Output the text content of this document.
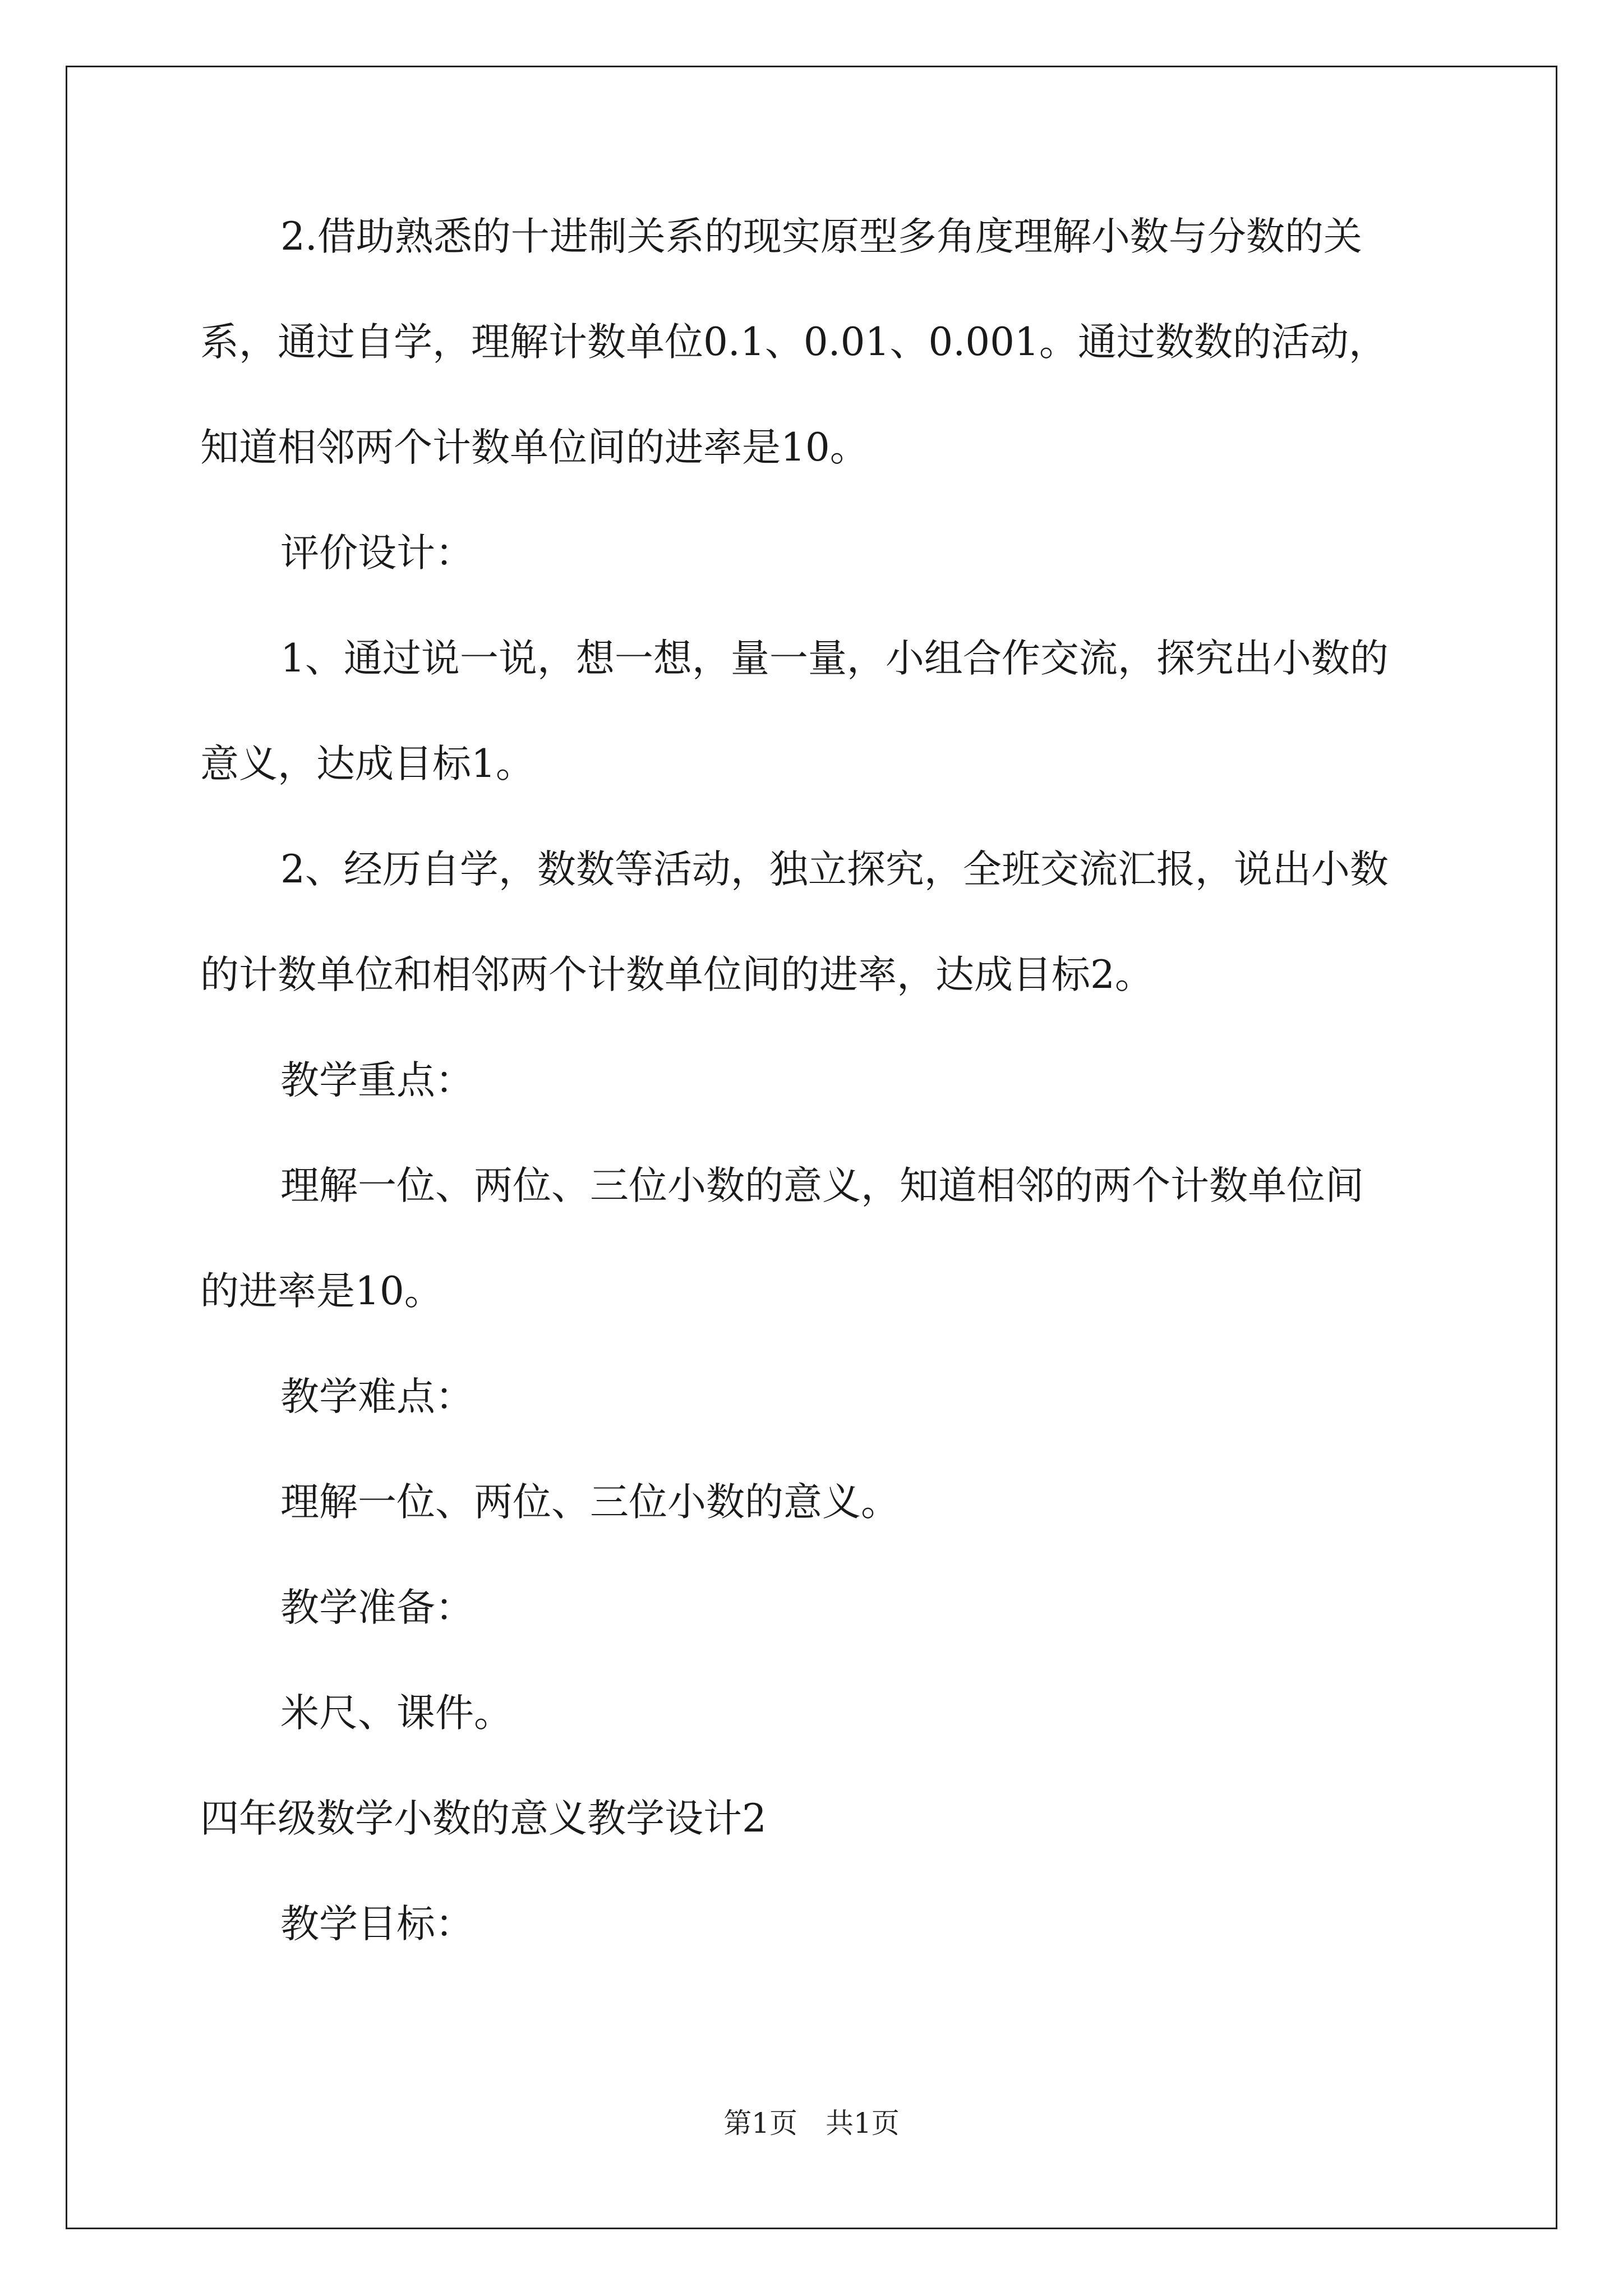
2.借助熟悉的十进制关系的现实原型多角度理解小数与分数的关
系，通过自学，理解计数单位0.1、0.01、0.001。通过数数的活动，
知道相邻两个计数单位间的进率是10。
评价设计：
1、通过说一说，想一想，量一量，小组合作交流，探究出小数的
意义，达成目标1。
2、经历自学，数数等活动，独立探究，全班交流汇报，说出小数
的计数单位和相邻两个计数单位间的进率，达成目标2。
教学重点：
理解一位、两位、三位小数的意义，知道相邻的两个计数单位间
的进率是10。
教学难点：
理解一位、两位、三位小数的意义。
教学准备：
米尺、课件。
四年级数学小数的意义教学设计2
教学目标：
第1页　共1页
